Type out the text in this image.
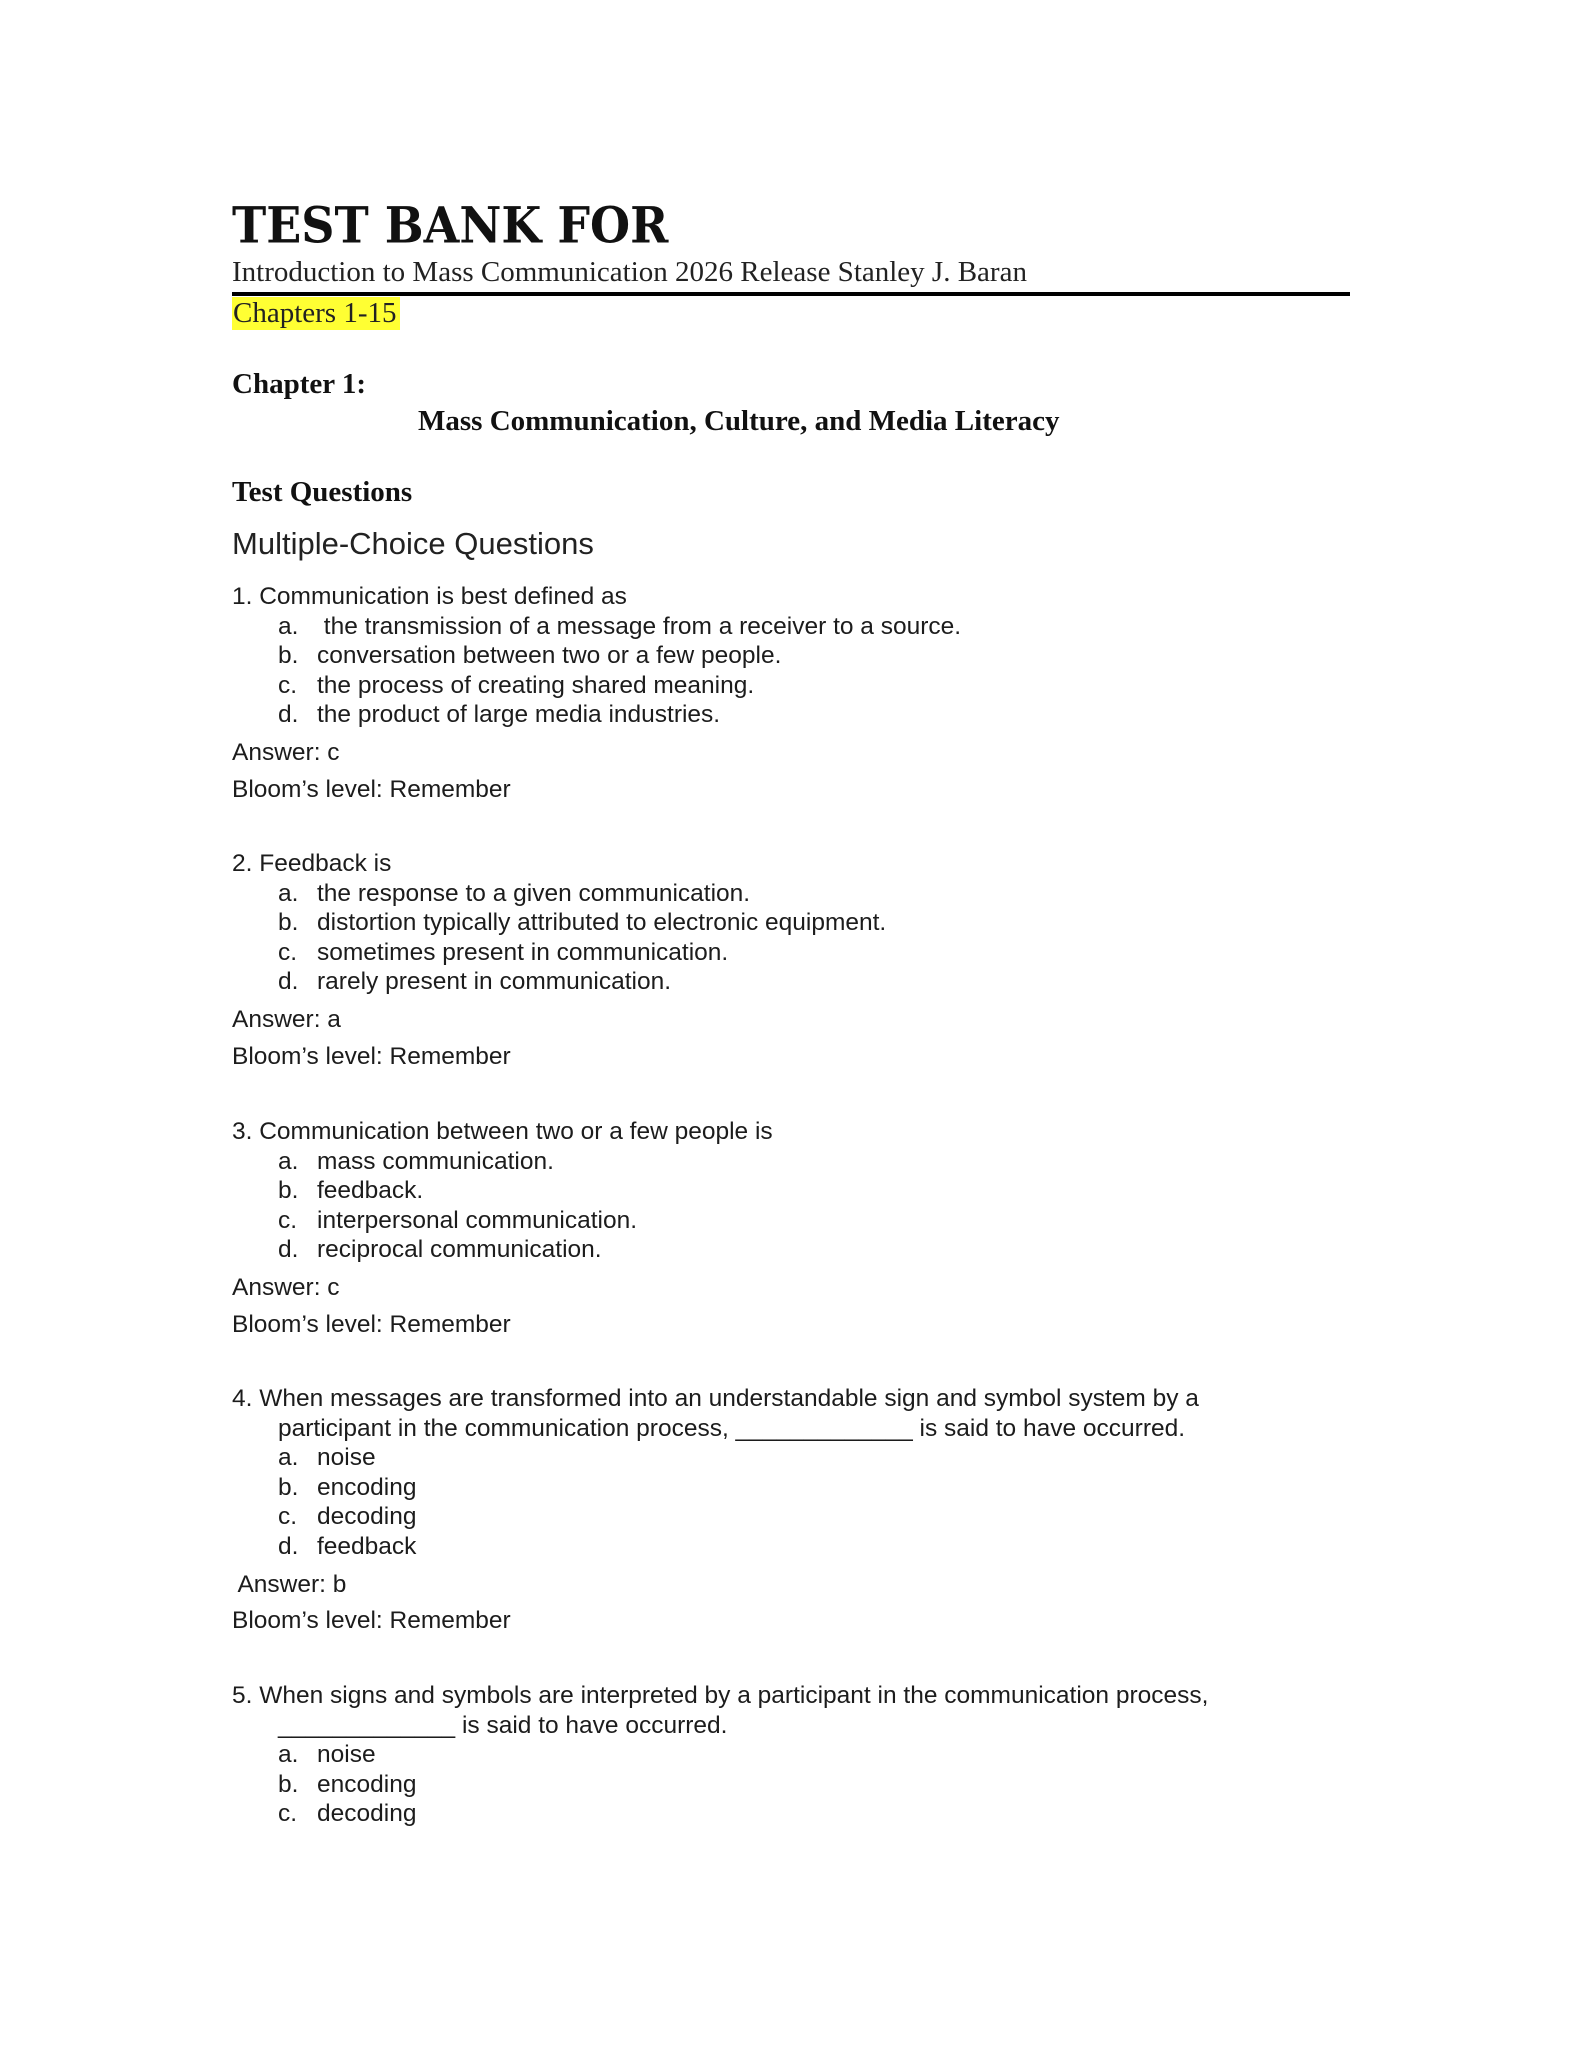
TEST BANK FOR
Introduction to Mass Communication 2026 Release Stanley J. Baran
Chapters 1-15
Chapter 1:
Mass Communication, Culture, and Media Literacy
Test Questions
Multiple-Choice Questions
1. Communication is best defined as
a. the transmission of a message from a receiver to a source.
b. conversation between two or a few people.
c. the process of creating shared meaning.
d. the product of large media industries.
Answer: c
Bloom’s level: Remember
2. Feedback is
a. the response to a given communication.
b. distortion typically attributed to electronic equipment.
c. sometimes present in communication.
d. rarely present in communication.
Answer: a
Bloom’s level: Remember
3. Communication between two or a few people is
a. mass communication.
b. feedback.
c. interpersonal communication.
d. reciprocal communication.
Answer: c
Bloom’s level: Remember
4. When messages are transformed into an understandable sign and symbol system by a
participant in the communication process, _____________ is said to have occurred.
a. noise
b. encoding
c. decoding
d. feedback
Answer: b
Bloom’s level: Remember
5. When signs and symbols are interpreted by a participant in the communication process,
_____________ is said to have occurred.
a. noise
b. encoding
c. decoding
